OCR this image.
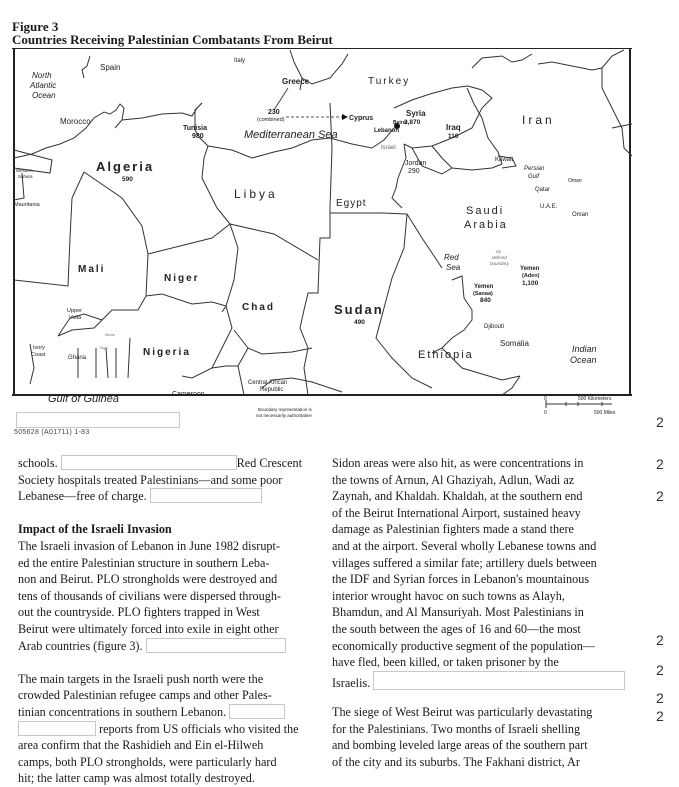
Figure 3
Countries Receiving Palestinian Combatants From Beirut
North
Atlantic
Ocean
Mediterranean Sea
Red
Sea
Indian
Ocean
Persian
Gulf
Gulf of Guinea
Spain
Italy
Greece	Turkey
Morocco
Tunisia
980
230
(combined)	Cyprus
Syria
3,870
Beirut
Lebanon
Israel
Jordan
290
Iraq
110
Iran
Kuwait
Qatar
U.A.E.
Oman
Oman
Western
Sahara
Algeria
590
Libya
Egypt
Saudi
Arabia
Mauritania
Mali
Niger
Chad	Sudan
490
Upper
Volta
Ivory
Coast	Ghana
Benin
Togo	Nigeria
Cameroon
Central African
Republic
Ethiopia
Djibouti
Somalia
Yemen
(Aden)
1,100
Yemen
(Sanaa)
840
no
defined
boundary
Boundary representation is
not necessarily authoritative
0	500 Kilometers
0	500 Miles
505628 (A01711) 1-83
schools.	Red Crescent
Society hospitals treated Palestinians—and some poor
Lebanese—free of charge.
Impact of the Israeli Invasion
The Israeli invasion of Lebanon in June 1982 disrupt-
ed the entire Palestinian structure in southern Leba-
non and Beirut. PLO strongholds were destroyed and
tens of thousands of civilians were dispersed through-
out the countryside. PLO fighters trapped in West
Beirut were ultimately forced into exile in eight other
Arab countries (figure 3).
The main targets in the Israeli push north were the
crowded Palestinian refugee camps and other Pales-
tinian concentrations in southern Lebanon.
reports from US officials who visited the
area confirm that the Rashidieh and Ein el-Hilweh
camps, both PLO strongholds, were particularly hard
hit; the latter camp was almost totally destroyed.
Sidon areas were also hit, as were concentrations in
the towns of Arnun, Al Ghaziyah, Adlun, Wadi az
Zaynah, and Khaldah. Khaldah, at the southern end
of the Beirut International Airport, sustained heavy
damage as Palestinian fighters made a stand there
and at the airport. Several wholly Lebanese towns and
villages suffered a similar fate; artillery duels between
the IDF and Syrian forces in Lebanon's mountainous
interior wrought havoc on such towns as Alayh,
Bhamdun, and Al Mansuriyah. Most Palestinians in
the south between the ages of 16 and 60—the most
economically productive segment of the population—
have fled, been killed, or taken prisoner by the
Israelis.
The siege of West Beirut was particularly devastating
for the Palestinians. Two months of Israeli shelling
and bombing leveled large areas of the southern part
of the city and its suburbs. The Fakhani district, Ar
2
2
2
2
2
2
2
